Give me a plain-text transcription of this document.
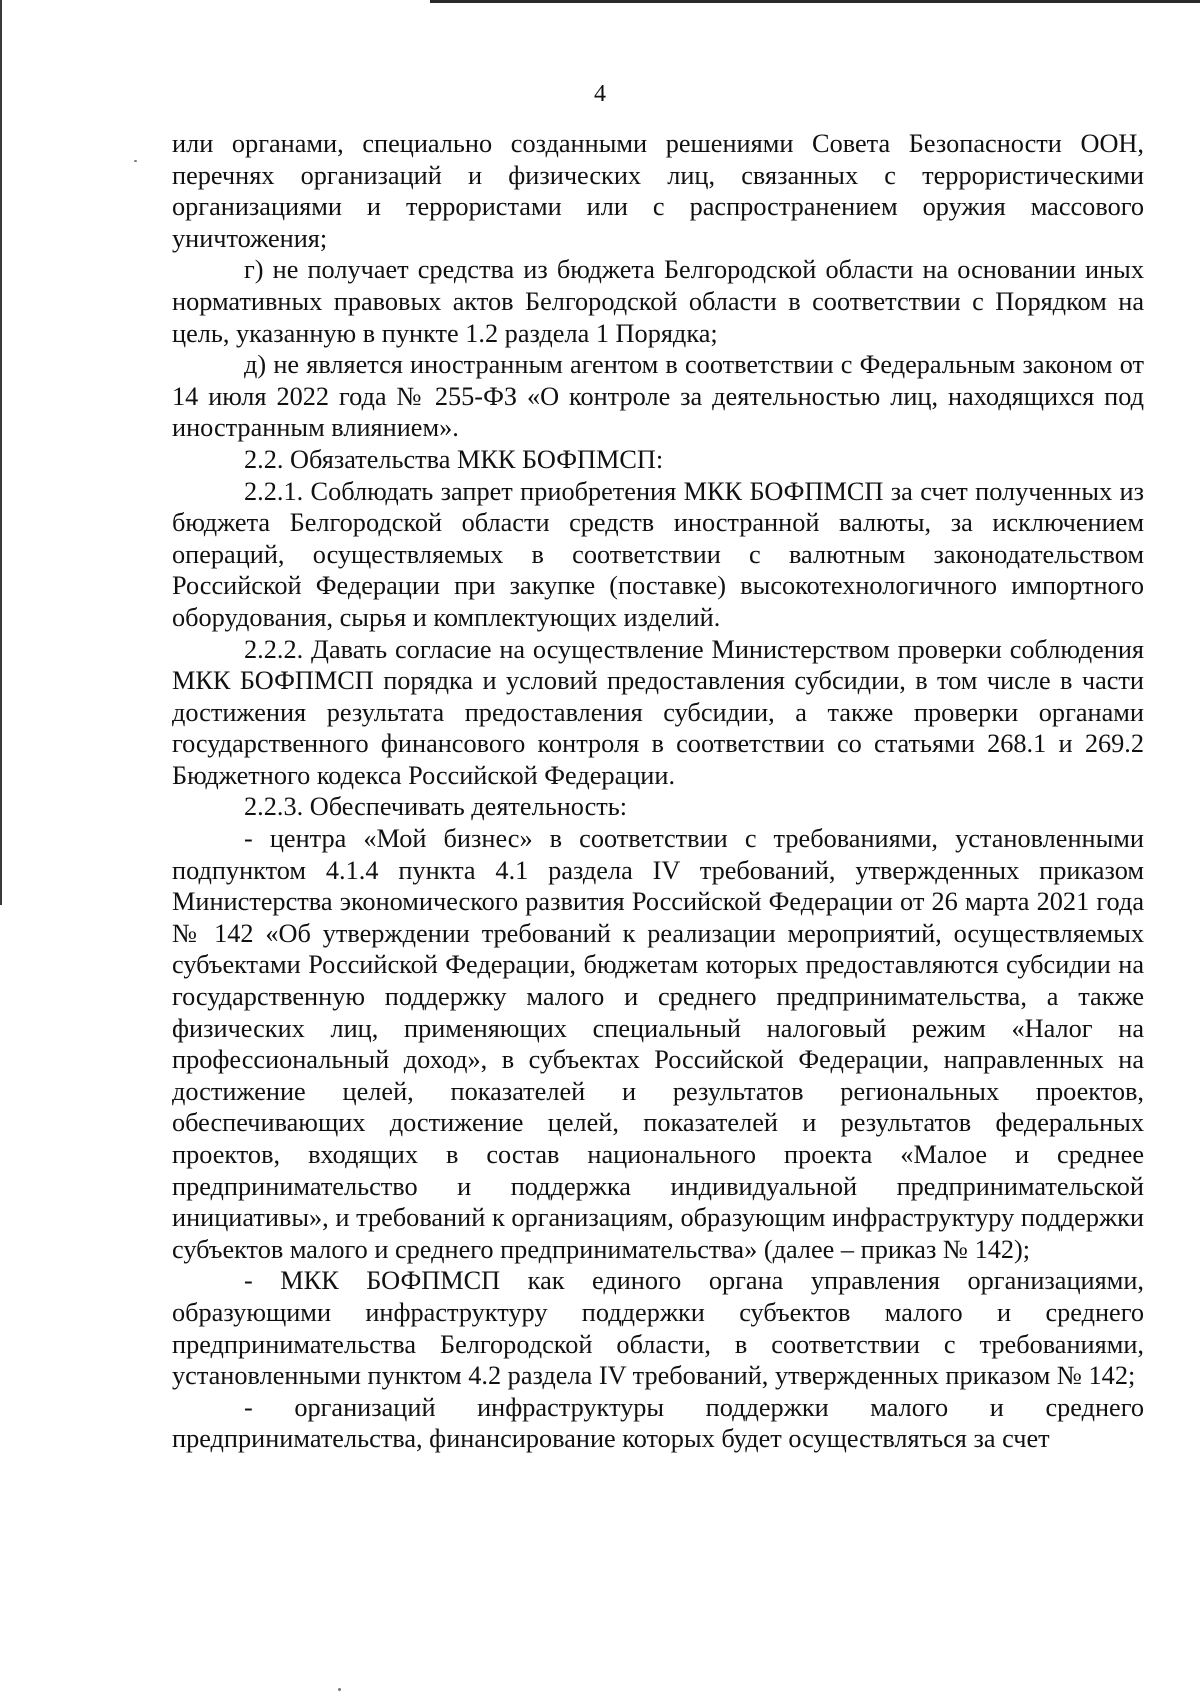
4

или органами, специально созданными решениями Совета Безопасности ООН, перечнях организаций и физических лиц, связанных с террористическими организациями и террористами или с распространением оружия массового уничтожения;

г) не получает средства из бюджета Белгородской области на основании иных нормативных правовых актов Белгородской области в соответствии с Порядком на цель, указанную в пункте 1.2 раздела 1 Порядка;

д) не является иностранным агентом в соответствии с Федеральным законом от 14 июля 2022 года № 255-ФЗ «О контроле за деятельностью лиц, находящихся под иностранным влиянием».

2.2. Обязательства МКК БОФПМСП:

2.2.1. Соблюдать запрет приобретения МКК БОФПМСП за счет полученных из бюджета Белгородской области средств иностранной валюты, за исключением операций, осуществляемых в соответствии с валютным законодательством Российской Федерации при закупке (поставке) высокотехнологичного импортного оборудования, сырья и комплектующих изделий.

2.2.2. Давать согласие на осуществление Министерством проверки соблюдения МКК БОФПМСП порядка и условий предоставления субсидии, в том числе в части достижения результата предоставления субсидии, а также проверки органами государственного финансового контроля в соответствии со статьями 268.1 и 269.2 Бюджетного кодекса Российской Федерации.

2.2.3. Обеспечивать деятельность:

- центра «Мой бизнес» в соответствии с требованиями, установленными подпунктом 4.1.4 пункта 4.1 раздела IV требований, утвержденных приказом Министерства экономического развития Российской Федерации от 26 марта 2021 года № 142 «Об утверждении требований к реализации мероприятий, осуществляемых субъектами Российской Федерации, бюджетам которых предоставляются субсидии на государственную поддержку малого и среднего предпринимательства, а также физических лиц, применяющих специальный налоговый режим «Налог на профессиональный доход», в субъектах Российской Федерации, направленных на достижение целей, показателей и результатов региональных проектов, обеспечивающих достижение целей, показателей и результатов федеральных проектов, входящих в состав национального проекта «Малое и среднее предпринимательство и поддержка индивидуальной предпринимательской инициативы», и требований к организациям, образующим инфраструктуру поддержки субъектов малого и среднего предпринимательства» (далее – приказ № 142);

- МКК БОФПМСП как единого органа управления организациями, образующими инфраструктуру поддержки субъектов малого и среднего предпринимательства Белгородской области, в соответствии с требованиями, установленными пунктом 4.2 раздела IV требований, утвержденных приказом № 142;

- организаций инфраструктуры поддержки малого и среднего предпринимательства, финансирование которых будет осуществляться за счет
